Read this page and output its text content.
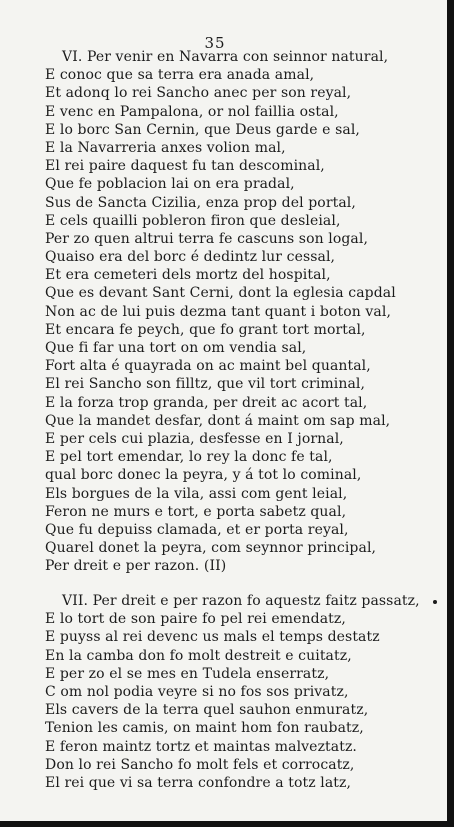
35
VI. Per venir en Navarra con seinnor natural,
E conoc que sa terra era anada amal,
Et adonq lo rei Sancho anec per son reyal,
E venc en Pampalona, or nol faillia ostal,
E lo borc San Cernin, que Deus garde e sal,
E la Navarreria anxes volion mal,
El rei paire daquest fu tan descominal,
Que fe poblacion lai on era pradal,
Sus de Sancta Cizilia, enza prop del portal,
E cels quailli pobleron firon que desleial,
Per zo quen altrui terra fe cascuns son logal,
Quaiso era del borc é dedintz lur cessal,
Et era cemeteri dels mortz del hospital,
Que es devant Sant Cerni, dont la eglesia capdal
Non ac de lui puis dezma tant quant i boton val,
Et encara fe peych, que fo grant tort mortal,
Que fi far una tort on om vendia sal,
Fort alta é quayrada on ac maint bel quantal,
El rei Sancho son filltz, que vil tort criminal,
E la forza trop granda, per dreit ac acort tal,
Que la mandet desfar, dont á maint om sap mal,
E per cels cui plazia, desfesse en I jornal,
E pel tort emendar, lo rey la donc fe tal,
qual borc donec la peyra, y á tot lo cominal,
Els borgues de la vila, assi com gent leial,
Feron ne murs e tort, e porta sabetz qual,
Que fu depuiss clamada, et er porta reyal,
Quarel donet la peyra, com seynnor principal,
Per dreit e per razon. (II)
VII. Per dreit e per razon fo aquestz faitz passatz,
E lo tort de son paire fo pel rei emendatz,
E puyss al rei devenc us mals el temps destatz
En la camba don fo molt destreit e cuitatz,
E per zo el se mes en Tudela enserratz,
C om nol podia veyre si no fos sos privatz,
Els cavers de la terra quel sauhon enmuratz,
Tenion les camis, on maint hom fon raubatz,
E feron maintz tortz et maintas malveztatz.
Don lo rei Sancho fo molt fels et corrocatz,
El rei que vi sa terra confondre a totz latz,
